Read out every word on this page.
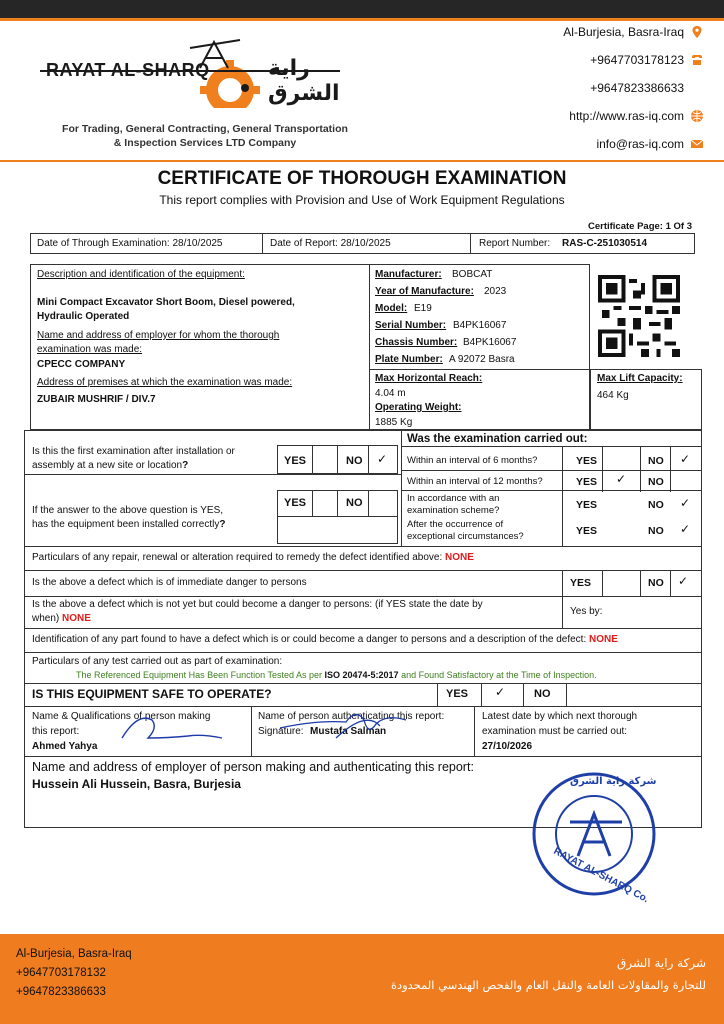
RAYAT AL-SHARQ	راية الشرق
For Trading, General Contracting, General Transportation
& Inspection Services LTD Company
Al-Burjesia, Basra-Iraq
+9647703178123
+9647823386633
http://www.ras-iq.com
info@ras-iq.com
CERTIFICATE OF THOROUGH EXAMINATION
This report complies with Provision and Use of Work Equipment Regulations
Certificate Page: 1 Of 3
Date of Through Examination: 28/10/2025	Date of Report: 28/10/2025	Report Number: RAS-C-251030514
Description and identification of the equipment:
Mini Compact Excavator Short Boom, Diesel powered,
Hydraulic Operated
Name and address of employer for whom the thorough
examination was made:
CPECC COMPANY
Address of premises at which the examination was made:
ZUBAIR MUSHRIF / DIV.7
Manufacturer: BOBCAT
Year of Manufacture: 2023
Model: E19
Serial Number: B4PK16067
Chassis Number: B4PK16067
Plate Number: A 92072 Basra
Max Horizontal Reach:
4.04 m
Operating Weight:
1885 Kg
Max Lift Capacity:
464 Kg
Is this the first examination after installation or
assembly at a new site or location?	YES	NO ✓
If the answer to the above question is YES,
has the equipment been installed correctly?
YES	NO
Was the examination carried out:
Within an interval of 6 months?	YES	NO ✓
Within an interval of 12 months?	YES ✓ NO
In accordance with an
examination scheme?	YES	NO ✓
After the occurrence of
exceptional circumstances?	YES	NO ✓
Particulars of any repair, renewal or alteration required to remedy the defect identified above: NONE
Is the above a defect which is of immediate danger to persons	YES	NO ✓
Is the above a defect which is not yet but could become a danger to persons: (if YES state the date by
when) NONE
Yes by:
Identification of any part found to have a defect which is or could become a danger to persons and a description of the defect: NONE
Particulars of any test carried out as part of examination:
The Referenced Equipment Has Been Function Tested As per ISO 20474-5:2017 and Found Satisfactory at the Time of Inspection.
IS THIS EQUIPMENT SAFE TO OPERATE?	YES ✓	NO
Name & Qualifications of person making
this report:
Ahmed Yahya
Name of person authenticating this report:
Signature: Mustafa Salman
Latest date by which next thorough
examination must be carried out:
27/10/2026
Name and address of employer of person making and authenticating this report:
Hussein Ali Hussein, Basra, Burjesia
RAYAT AL-SHARQ Co.
شركة راية الشرق
Al-Burjesia, Basra-Iraq
+9647703178132
+9647823386633
شركة راية الشرق
للتجارة والمقاولات العامة والنقل العام والفحص الهندسي المحدودة
